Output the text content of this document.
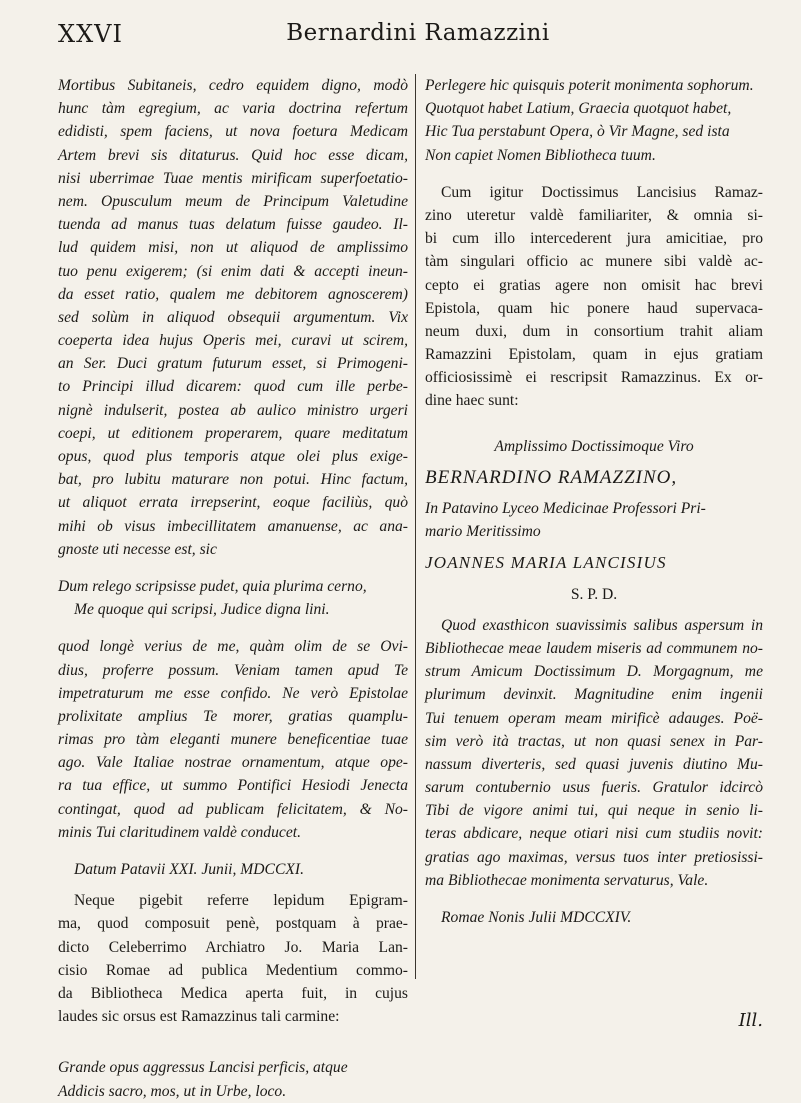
XXVI	Bernardini Ramazzini
Mortibus Subitaneis, cedro equidem digno, modò
hunc tàm egregium, ac varia doctrina refertum
edidisti, spem faciens, ut nova foetura Medicam
Artem brevi sis ditaturus. Quid hoc esse dicam,
nisi uberrimae Tuae mentis mirificam superfoetatio-
nem. Opusculum meum de Principum Valetudine
tuenda ad manus tuas delatum fuisse gaudeo. Il-
lud quidem misi, non ut aliquod de amplissimo
tuo penu exigerem; (si enim dati & accepti ineun-
da esset ratio, qualem me debitorem agnoscerem)
sed solùm in aliquod obsequii argumentum. Vix
coeperta idea hujus Operis mei, curavi ut scirem,
an Ser. Duci gratum futurum esset, si Primogeni-
to Principi illud dicarem: quod cum ille perbe-
nignè indulserit, postea ab aulico ministro urgeri
coepi, ut editionem properarem, quare meditatum
opus, quod plus temporis atque olei plus exige-
bat, pro lubitu maturare non potui. Hinc factum,
ut aliquot errata irrepserint, eoque faciliùs, quò
mihi ob visus imbecillitatem amanuense, ac ana-
gnoste uti necesse est, sic
Dum relego scripsisse pudet, quia plurima cerno,
Me quoque qui scripsi, Judice digna lini.
quod longè verius de me, quàm olim de se Ovi-
dius, proferre possum. Veniam tamen apud Te
impetraturum me esse confido. Ne verò Epistolae
prolixitate amplius Te morer, gratias quamplu-
rimas pro tàm eleganti munere beneficentiae tuae
ago. Vale Italiae nostrae ornamentum, atque ope-
ra tua effice, ut summo Pontifici Hesiodi Jenecta
contingat, quod ad publicam felicitatem, & No-
minis Tui claritudinem valdè conducet.
Datum Patavii XXI. Junii, MDCCXI.
Neque pigebit referre lepidum Epigram-
ma, quod composuit penè, postquam à prae-
dicto Celeberrimo Archiatro Jo. Maria Lan-
cisio Romae ad publica Medentium commo-
da Bibliotheca Medica aperta fuit, in cujus
laudes sic orsus est Ramazzinus tali carmine:
Grande opus aggressus Lancisi perficis, atque
Addicis sacro, mos, ut in Urbe, loco.
Perlegere hic quisquis poterit monimenta sophorum.
Quotquot habet Latium, Graecia quotquot habet,
Hic Tua perstabunt Opera, ò Vir Magne, sed ista
Non capiet Nomen Bibliotheca tuum.
Cum igitur Doctissimus Lancisius Ramaz-
zino uteretur valdè familiariter, & omnia si-
bi cum illo intercederent jura amicitiae, pro
tàm singulari officio ac munere sibi valdè ac-
cepto ei gratias agere non omisit hac brevi
Epistola, quam hic ponere haud supervaca-
neum duxi, dum in consortium trahit aliam
Ramazzini Epistolam, quam in ejus gratiam
officiosissimè ei rescripsit Ramazzinus. Ex or-
dine haec sunt:
Amplissimo Doctissimoque Viro
BERNARDINO RAMAZZINO,
In Patavino Lyceo Medicinae Professori Pri-
mario Meritissimo
JOANNES MARIA LANCISIUS
S. P. D.
Quod exasthicon suavissimis salibus aspersum in
Bibliothecae meae laudem miseris ad communem no-
strum Amicum Doctissimum D. Morgagnum, me
plurimum devinxit. Magnitudine enim ingenii
Tui tenuem operam meam mirificè adauges. Poë-
sim verò ità tractas, ut non quasi senex in Par-
nassum diverteris, sed quasi juvenis diutino Mu-
sarum contubernio usus fueris. Gratulor idcircò
Tibi de vigore animi tui, qui neque in senio li-
teras abdicare, neque otiari nisi cum studiis novit:
gratias ago maximas, versus tuos inter pretiosissi-
ma Bibliothecae monimenta servaturus, Vale.
Romae Nonis Julii MDCCXIV.
Ill.
